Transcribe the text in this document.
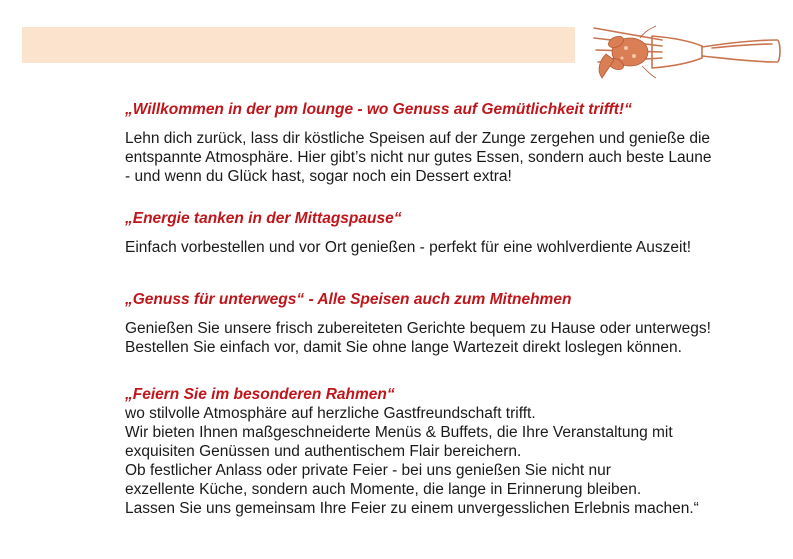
„Willkommen in der pm lounge - wo Genuss auf Gemütlichkeit trifft!“

Lehn dich zurück, lass dir köstliche Speisen auf der Zunge zergehen und genieße die
entspannte Atmosphäre. Hier gibt’s nicht nur gutes Essen, sondern auch beste Laune
- und wenn du Glück hast, sogar noch ein Dessert extra!

„Energie tanken in der Mittagspause“

Einfach vorbestellen und vor Ort genießen - perfekt für eine wohlverdiente Auszeit!

„Genuss für unterwegs“ - Alle Speisen auch zum Mitnehmen

Genießen Sie unsere frisch zubereiteten Gerichte bequem zu Hause oder unterwegs!
Bestellen Sie einfach vor, damit Sie ohne lange Wartezeit direkt loslegen können.

„Feiern Sie im besonderen Rahmen“

wo stilvolle Atmosphäre auf herzliche Gastfreundschaft trifft.
Wir bieten Ihnen maßgeschneiderte Menüs & Buffets, die Ihre Veranstaltung mit
exquisiten Genüssen und authentischem Flair bereichern.
Ob festlicher Anlass oder private Feier - bei uns genießen Sie nicht nur
exzellente Küche, sondern auch Momente, die lange in Erinnerung bleiben.
Lassen Sie uns gemeinsam Ihre Feier zu einem unvergesslichen Erlebnis machen.“
